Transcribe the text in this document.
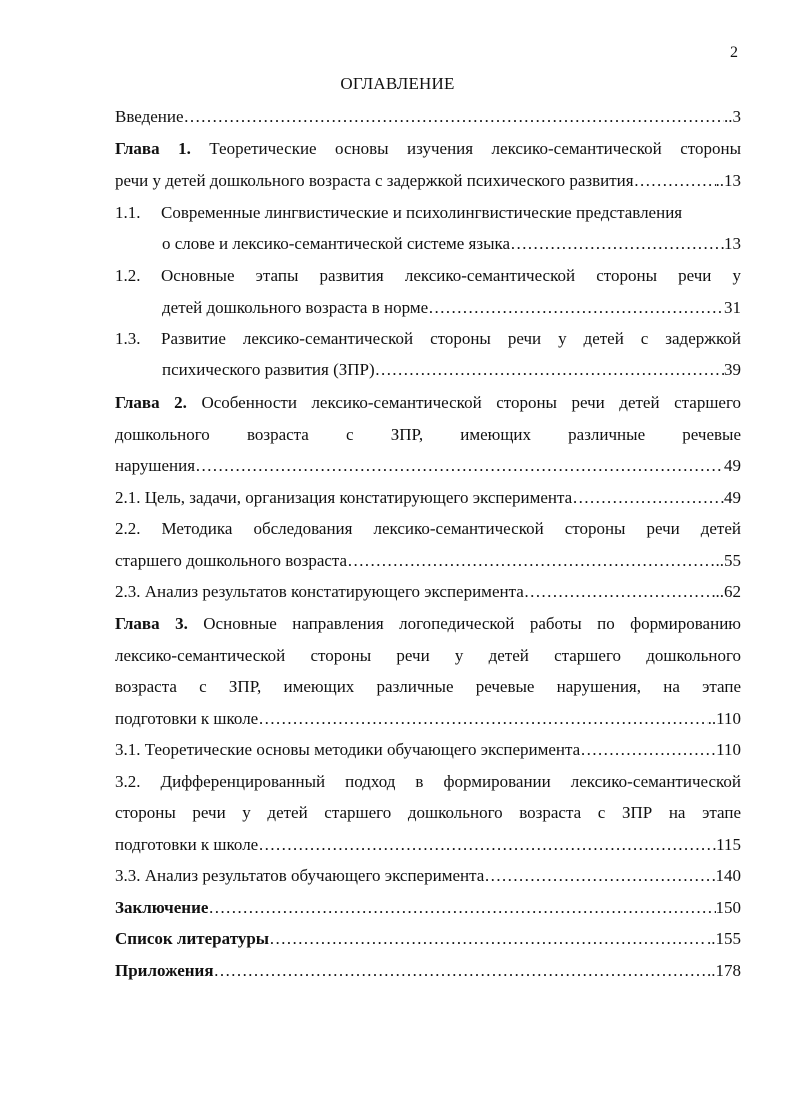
2
ОГЛАВЛЕНИЕ
Введение ……………………………………………………………………………………………………………………………………………………	..3
Глава 1. Теоретические основы изучения лексико-семантической стороны
речи у детей дошкольного возраста с задержкой психического развития ……………………………………………………………………………………………………………………………………………………	..13
1.1. Современные лингвистические и психолингвистические представления
о слове и лексико-семантической системе языка ……………………………………………………………………………………………………………………………………………………	13
1.2.	Основные этапы развития лексико-семантической стороны речи у
детей дошкольного возраста в норме ……………………………………………………………………………………………………………………………………………………	31
1.3.	Развитие лексико-семантической стороны речи у детей с задержкой
психического развития (ЗПР) ……………………………………………………………………………………………………………………………………………………	39
Глава 2. Особенности лексико-семантической стороны речи детей старшего
дошкольного возраста с ЗПР, имеющих различные речевые
нарушения ……………………………………………………………………………………………………………………………………………………	49
2.1. Цель, задачи, организация констатирующего эксперимента ……………………………………………………………………………………………………………………………………………………	49
2.2. Методика обследования лексико-семантической стороны речи детей
старшего дошкольного возраста ……………………………………………………………………………………………………………………………………………………	..55
2.3. Анализ результатов констатирующего эксперимента ……………………………………………………………………………………………………………………………………………………	..62
Глава 3. Основные направления логопедической работы по формированию
лексико-семантической стороны речи у детей старшего дошкольного
возраста с ЗПР, имеющих различные речевые нарушения, на этапе
подготовки к школе ……………………………………………………………………………………………………………………………………………………	..110
3.1. Теоретические основы методики обучающего эксперимента ……………………………………………………………………………………………………………………………………………………	110
3.2. Дифференцированный подход в формировании лексико-семантической
стороны речи у детей старшего дошкольного возраста с ЗПР на этапе
подготовки к школе ……………………………………………………………………………………………………………………………………………………	115
3.3. Анализ результатов обучающего эксперимента ……………………………………………………………………………………………………………………………………………………	140
Заключение ……………………………………………………………………………………………………………………………………………………	150
Список литературы ……………………………………………………………………………………………………………………………………………………	..155
Приложения ……………………………………………………………………………………………………………………………………………………	..178
